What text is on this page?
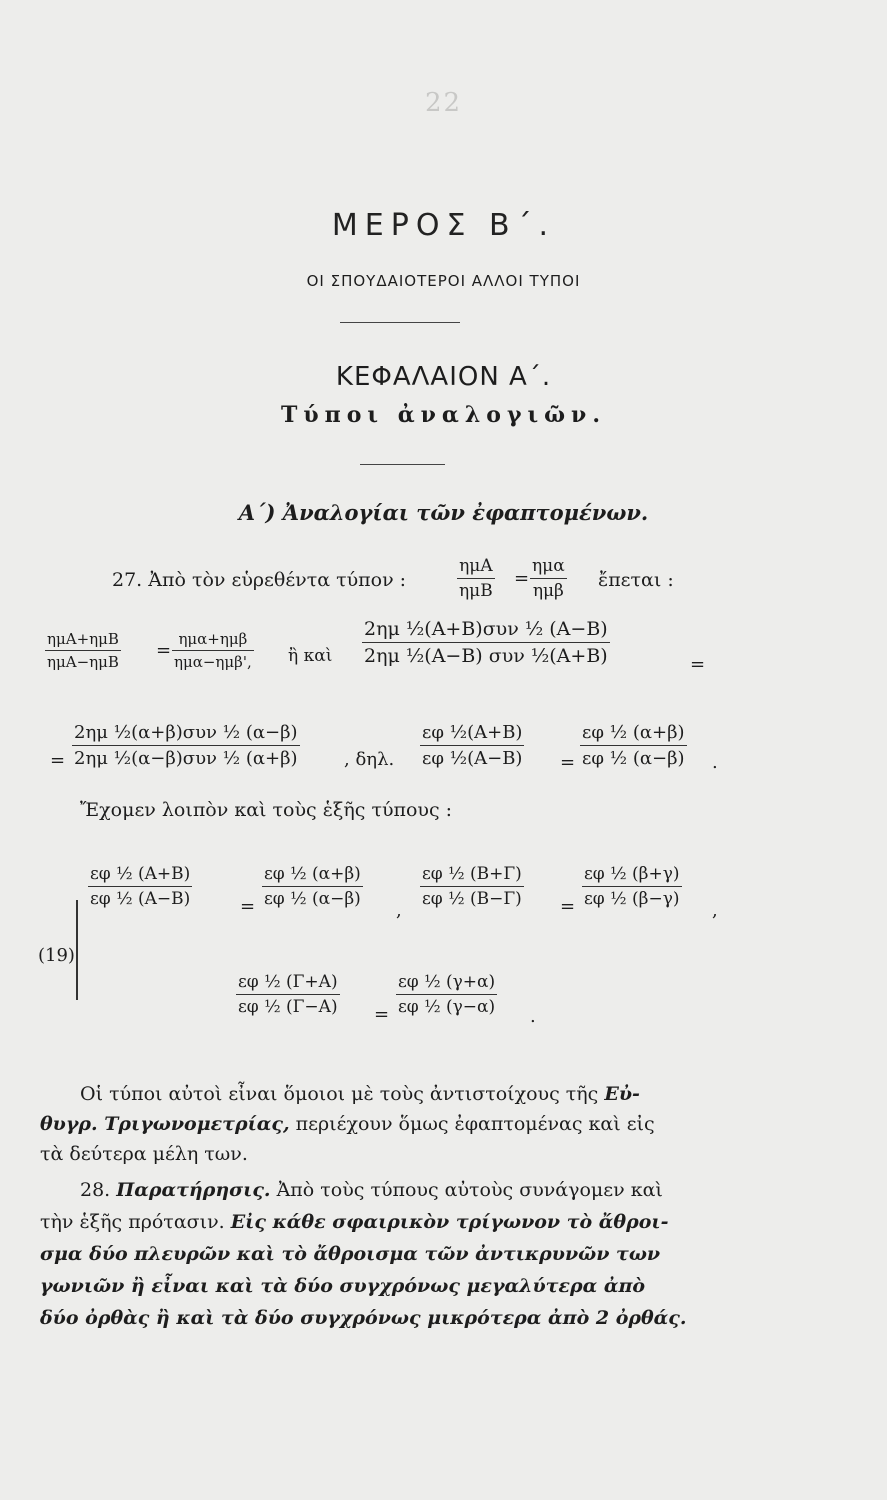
22
ΜΕΡΟΣ Β΄.
ΟΙ ΣΠΟΥΔΑΙΟΤΕΡΟΙ ΑΛΛΟΙ ΤΥΠΟΙ
ΚΕΦΑΛΑΙΟΝ Α΄.
Τύποι ἀναλογιῶν.
Α΄) Ἀναλογίαι τῶν ἐφαπτομένων.
27. Ἀπὸ τὸν εὑρεθέντα τύπον :
ημΑ
ημΒ
=
ημα
ημβ ἔπεται :
ημΑ+ημΒ
ημΑ−ημΒ
=
ημα+ημβ
ημα−ημβ', ἢ καὶ
2ημ ½(Α+Β)συν ½ (Α−Β)
2ημ ½(Α−Β) συν ½(Α+Β)	=
=
2ημ ½(α+β)συν ½ (α−β)
2ημ ½(α−β)συν ½ (α+β)	, δηλ.
εφ ½(Α+Β)
εφ ½(Α−Β) =
εφ ½ (α+β)
εφ ½ (α−β) .
Ἔχομεν λοιπὸν καὶ τοὺς ἑξῆς τύπους :
(19)
εφ ½ (Α+Β)
εφ ½ (Α−Β)	=
εφ ½ (α+β)
εφ ½ (α−β)
,
εφ ½ (Β+Γ)
εφ ½ (Β−Γ) =
εφ ½ (β+γ)
εφ ½ (β−γ)
,
εφ ½ (Γ+Α)
εφ ½ (Γ−Α) =
εφ ½ (γ+α)
εφ ½ (γ−α) .
Οἱ τύποι αὐτοὶ εἶναι ὅμοιοι μὲ τοὺς ἀντιστοίχους τῆς Εὐ-
θυγρ. Τριγωνομετρίας, περιέχουν ὅμως ἐφαπτομένας καὶ εἰς
τὰ δεύτερα μέλη των.
28. Παρατήρησις. Ἀπὸ τοὺς τύπους αὐτοὺς συνάγομεν καὶ
τὴν ἑξῆς πρότασιν. Εἰς κάθε σφαιρικὸν τρίγωνον τὸ ἄθροι-
σμα δύο πλευρῶν καὶ τὸ ἄθροισμα τῶν ἀντικρυνῶν των
γωνιῶν ἢ εἶναι καὶ τὰ δύο συγχρόνως μεγαλύτερα ἀπὸ
δύο ὀρθὰς ἢ καὶ τὰ δύο συγχρόνως μικρότερα ἀπὸ 2 ὀρθάς.
